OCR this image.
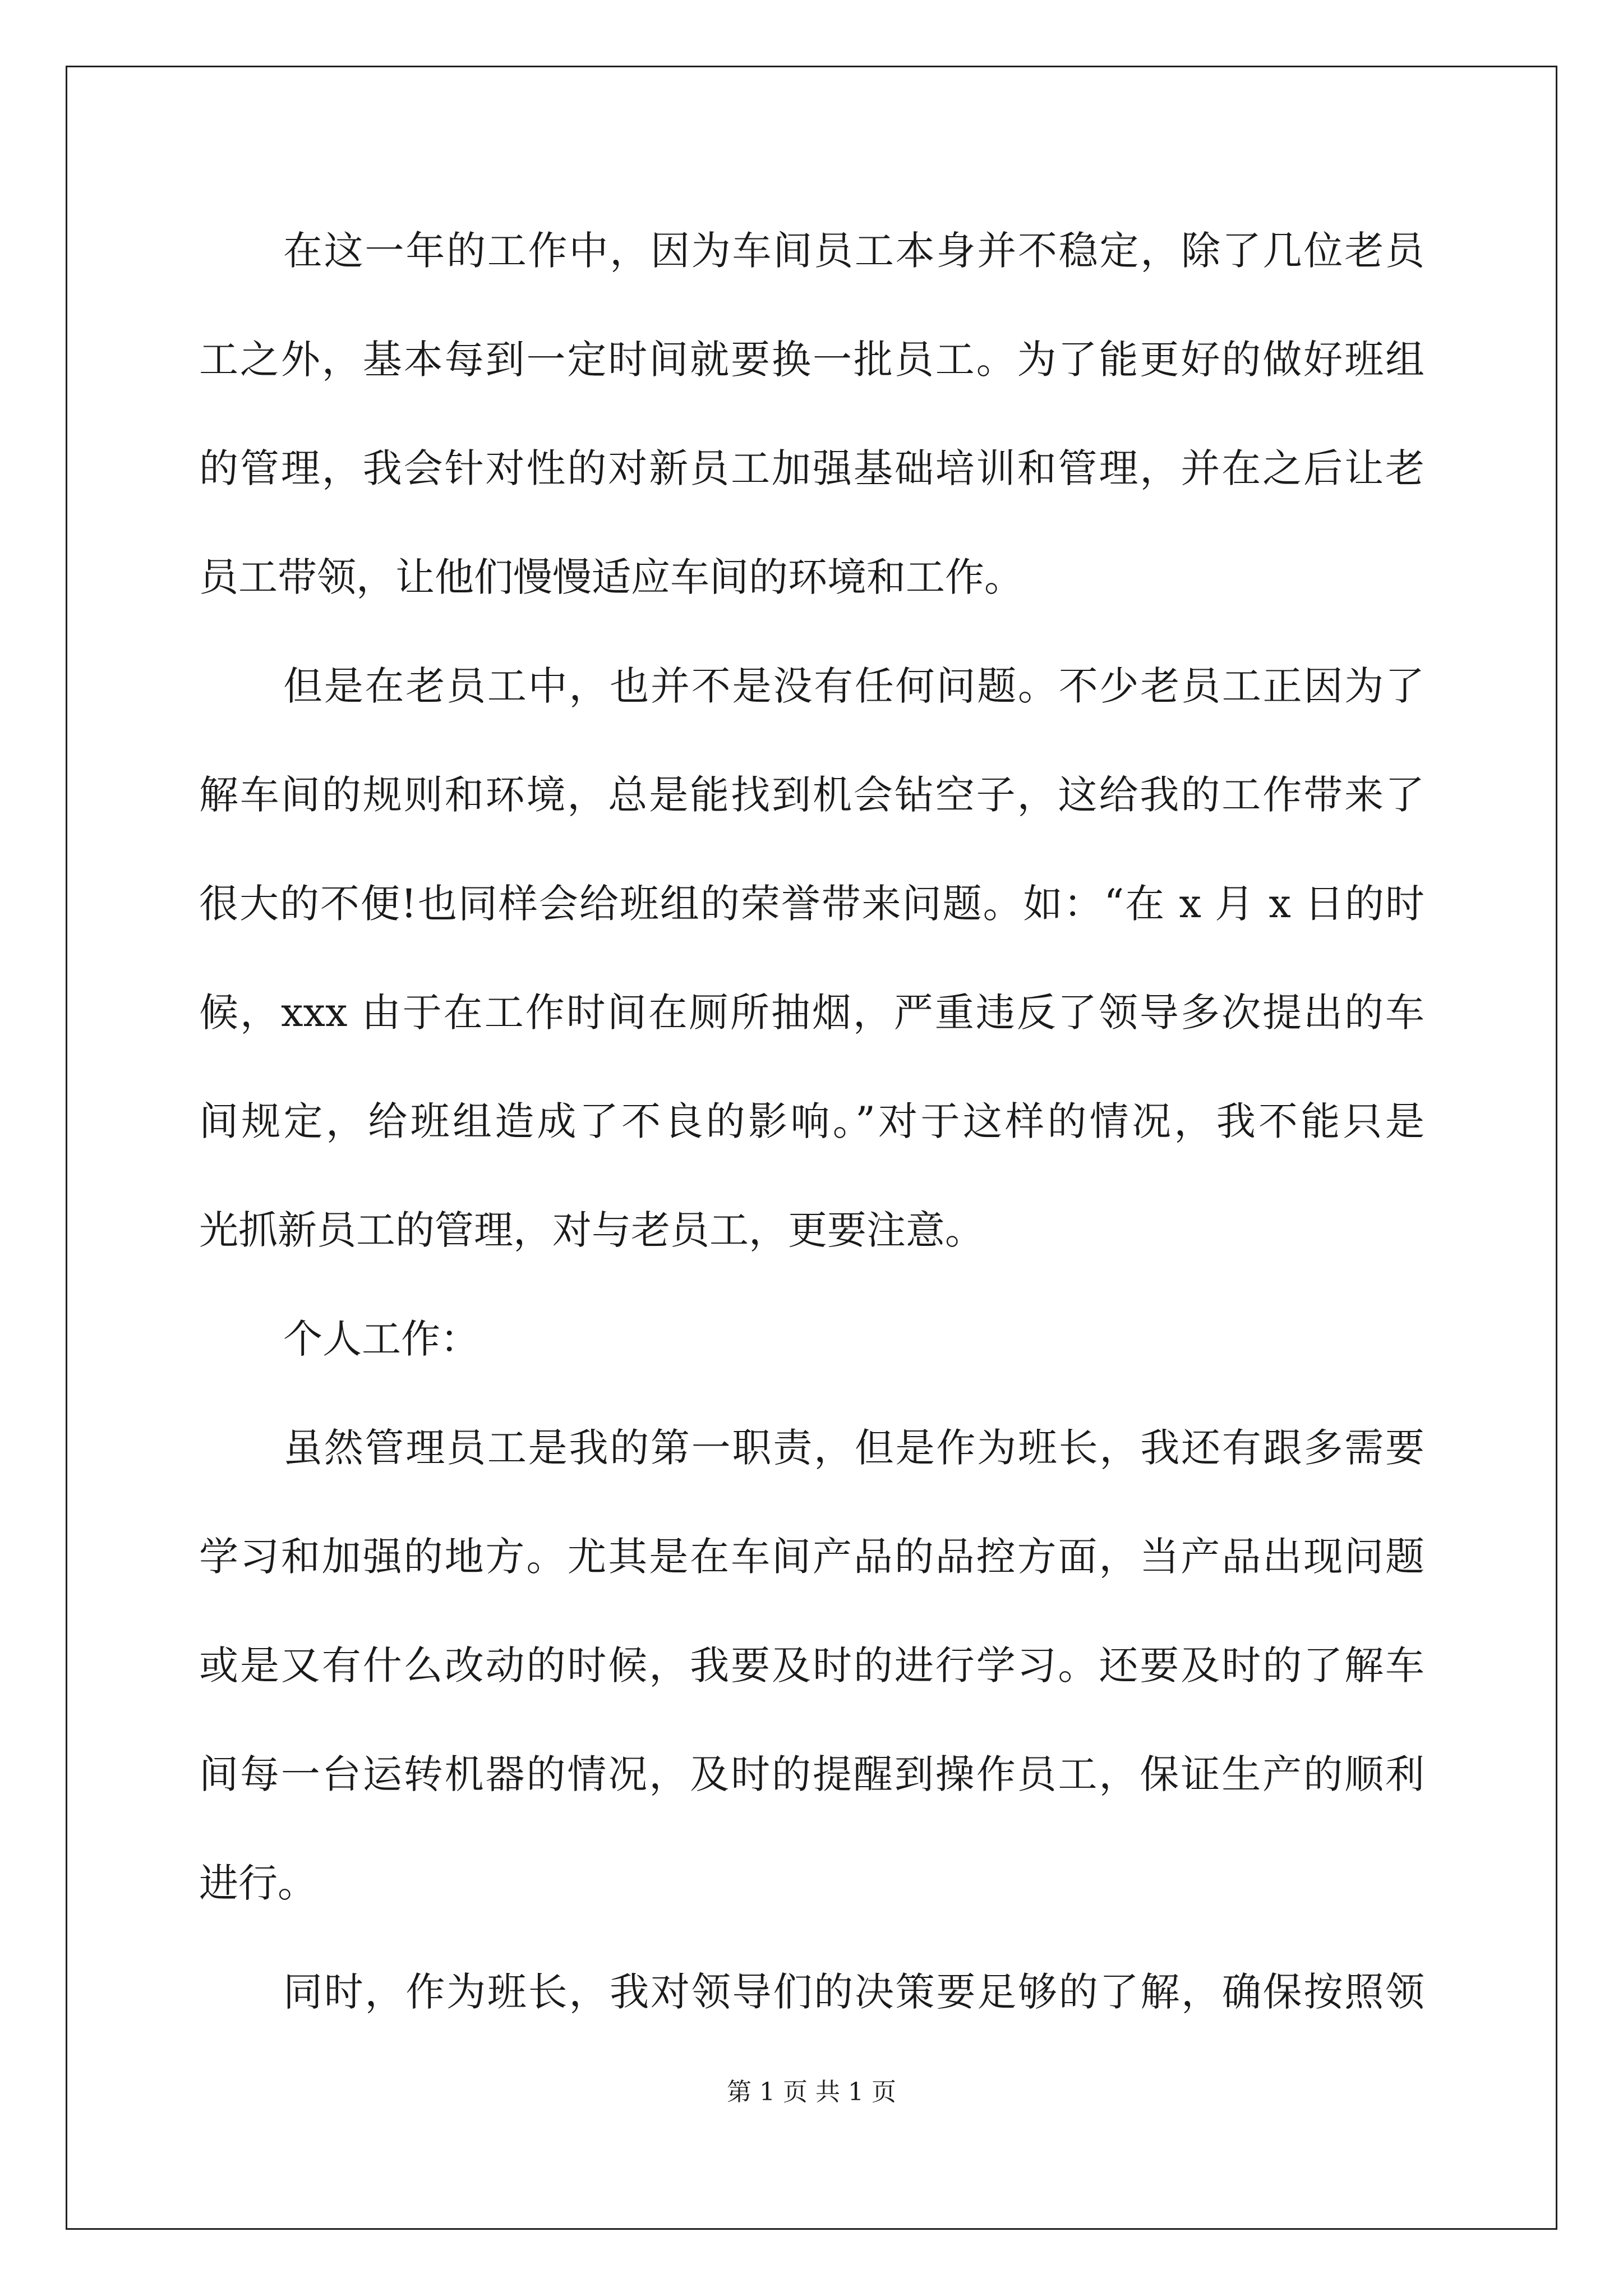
在这一年的工作中，因为车间员工本身并不稳定，除了几位老员
工之外，基本每到一定时间就要换一批员工。为了能更好的做好班组
的管理，我会针对性的对新员工加强基础培训和管理，并在之后让老
员工带领，让他们慢慢适应车间的环境和工作。
但是在老员工中，也并不是没有任何问题。不少老员工正因为了
解车间的规则和环境，总是能找到机会钻空子，这给我的工作带来了
很大的不便!也同样会给班组的荣誉带来问题。如：“在 x 月 x 日的时
候，xxx 由于在工作时间在厕所抽烟，严重违反了领导多次提出的车
间规定，给班组造成了不良的影响。”对于这样的情况，我不能只是
光抓新员工的管理，对与老员工，更要注意。
个人工作：
虽然管理员工是我的第一职责，但是作为班长，我还有跟多需要
学习和加强的地方。尤其是在车间产品的品控方面，当产品出现问题
或是又有什么改动的时候，我要及时的进行学习。还要及时的了解车
间每一台运转机器的情况，及时的提醒到操作员工，保证生产的顺利
进行。
同时，作为班长，我对领导们的决策要足够的了解，确保按照领
第 1 页 共 1 页
